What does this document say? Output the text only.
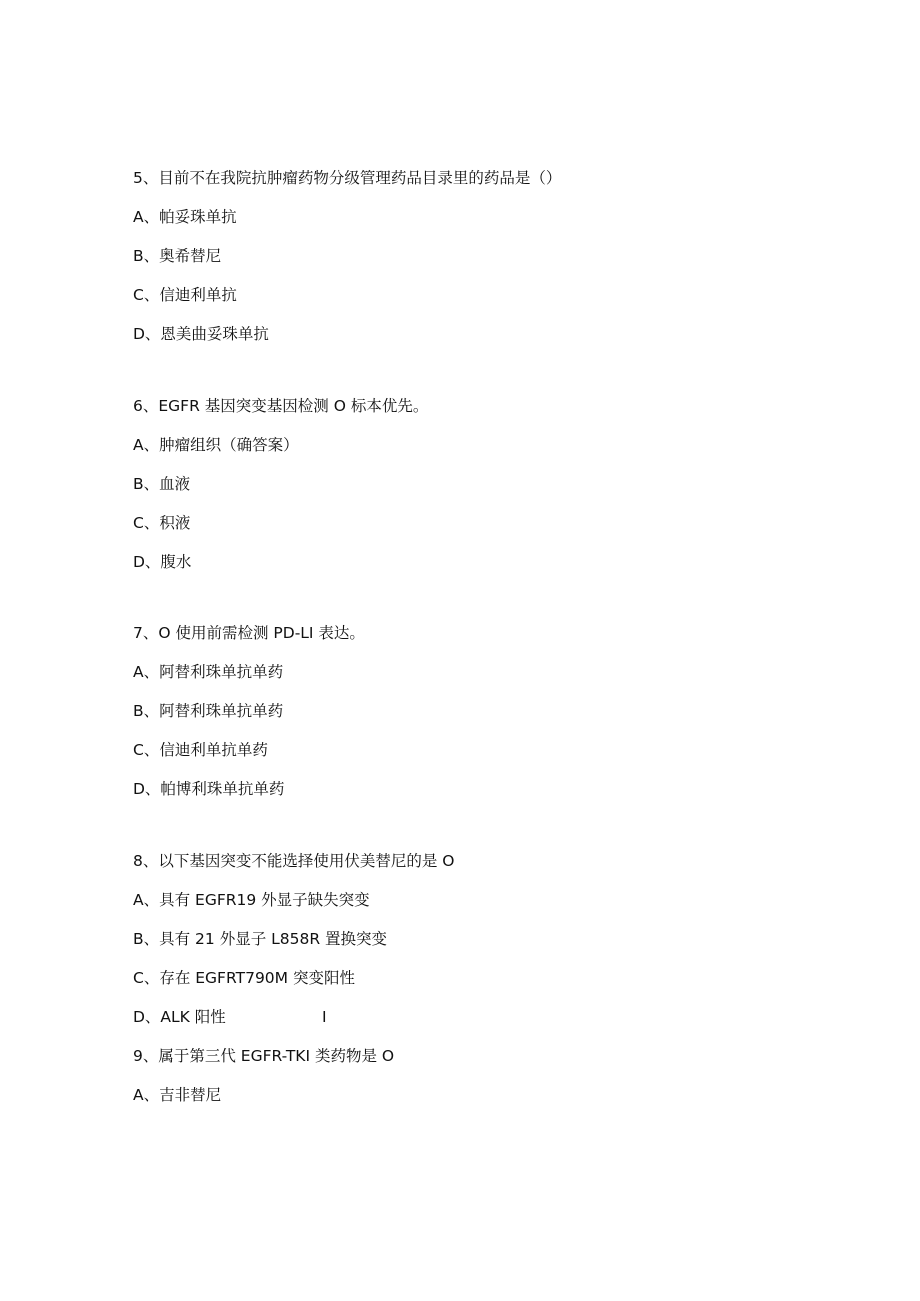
5、目前不在我院抗肿瘤药物分级管理药品目录里的药品是（）
A、帕妥珠单抗
B、奥希替尼
C、信迪利单抗
D、恩美曲妥珠单抗
6、EGFR 基因突变基因检测 O 标本优先。
A、肿瘤组织（确答案）
B、血液
C、积液
D、腹水
7、O 使用前需检测 PD-LI 表达。
A、阿替利珠单抗单药
B、阿替利珠单抗单药
C、信迪利单抗单药
D、帕博利珠单抗单药
8、以下基因突变不能选择使用伏美替尼的是 O
A、具有 EGFR19 外显子缺失突变
B、具有 21 外显子 L858R 置换突变
C、存在 EGFRT790M 突变阳性
D、ALK 阳性	I
9、属于第三代 EGFR-TKI 类药物是 O
A、吉非替尼
